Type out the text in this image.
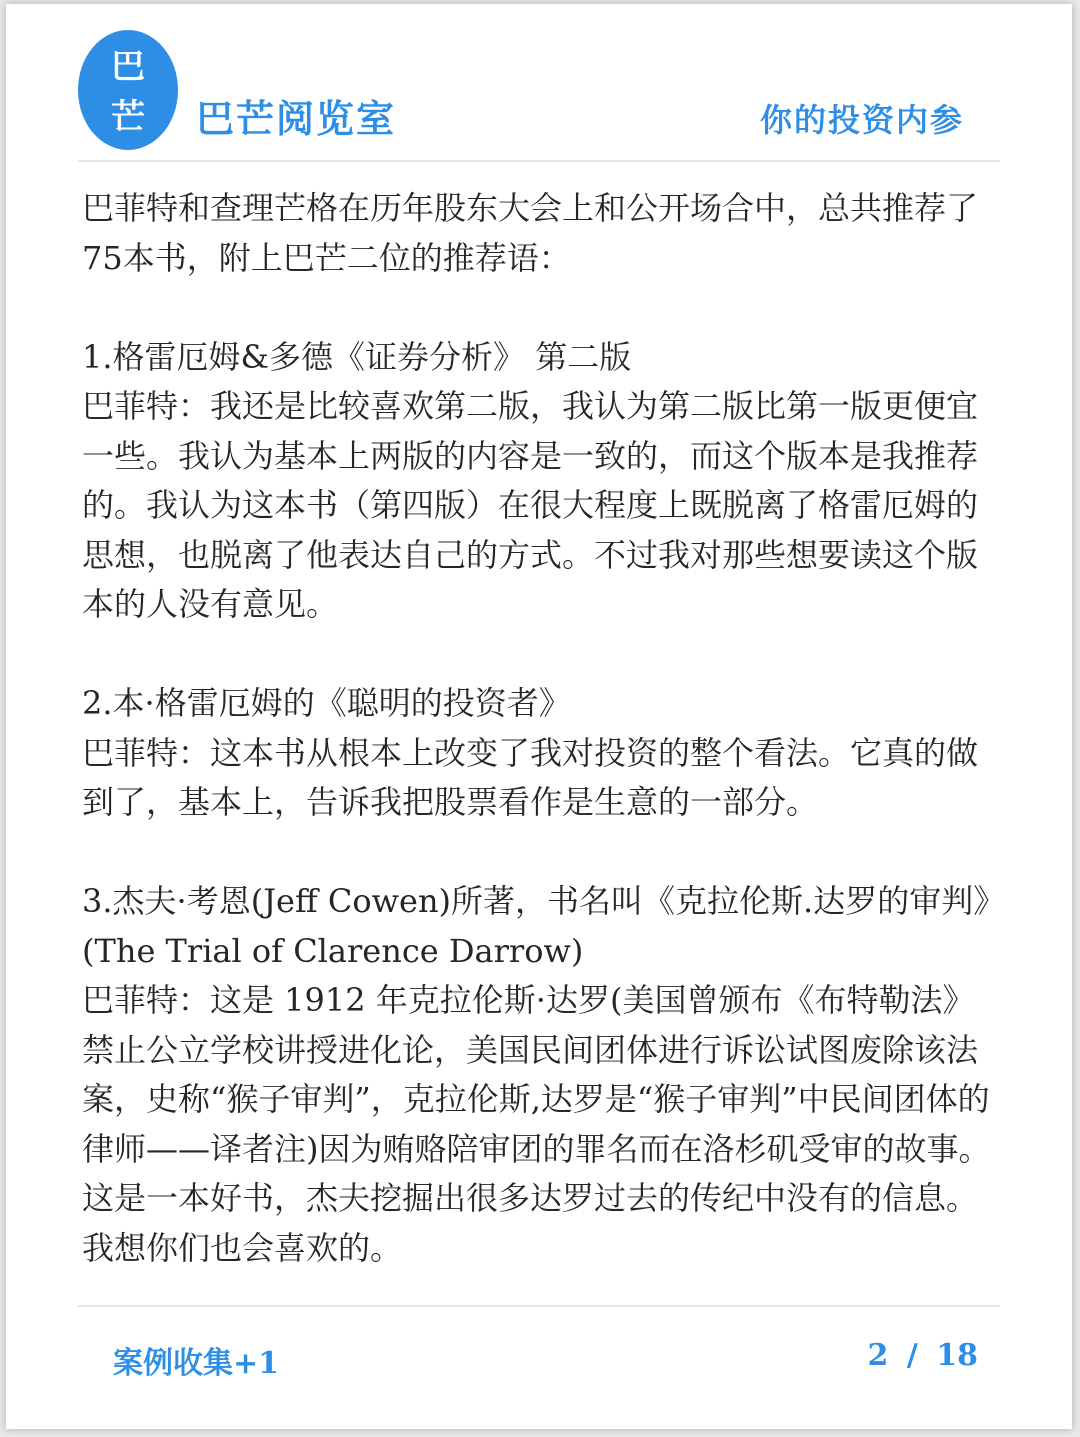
巴
芒	巴芒阅览室	你的投资内参

巴菲特和查理芒格在历年股东大会上和公开场合中，总共推荐了75本书，附上巴芒二位的推荐语：

1.格雷厄姆&多德《证券分析》 第二版

巴菲特：我还是比较喜欢第二版，我认为第二版比第一版更便宜一些。我认为基本上两版的内容是一致的，而这个版本是我推荐的。我认为这本书（第四版）在很大程度上既脱离了格雷厄姆的思想，也脱离了他表达自己的方式。不过我对那些想要读这个版本的人没有意见。

2.本·格雷厄姆的《聪明的投资者》

巴菲特：这本书从根本上改变了我对投资的整个看法。它真的做到了，基本上，告诉我把股票看作是生意的一部分。

3.杰夫·考恩(Jeff Cowen)所著，书名叫《克拉伦斯.达罗的审判》(The Trial of Clarence Darrow)

巴菲特：这是 1912 年克拉伦斯·达罗(美国曾颁布《布特勒法》禁止公立学校讲授进化论，美国民间团体进行诉讼试图废除该法案，史称“猴子审判”，克拉伦斯,达罗是“猴子审判”中民间团体的律师——译者注)因为贿赂陪审团的罪名而在洛杉矶受审的故事。这是一本好书，杰夫挖掘出很多达罗过去的传纪中没有的信息。我想你们也会喜欢的。

案例收集+1	2 / 18
